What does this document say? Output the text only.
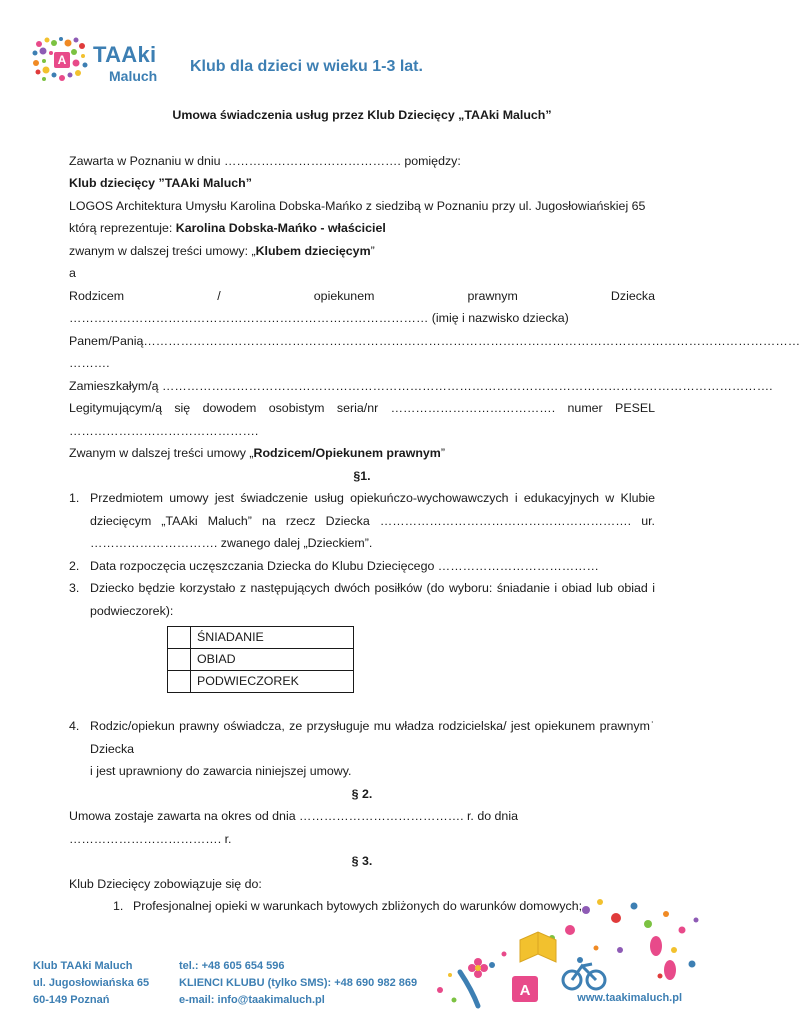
A TAAki
Maluch
Klub dla dzieci w wieku 1-3 lat.
Umowa świadczenia usług przez Klub Dziecięcy „TAAki Maluch”

Zawarta w Poznaniu w dniu ……………………………………. pomiędzy:

Klub dziecięcy ”TAAki Maluch”

LOGOS Architektura Umysłu Karolina Dobska-Mańko z siedzibą w Poznaniu przy ul. Jugosłowiańskiej 65

którą reprezentuje: Karolina Dobska-Mańko - właściciel

zwanym w dalszej treści umowy: „Klubem dziecięcym”

a

Rodzicem / opiekunem prawnym Dziecka …………………………………………………………………………… (imię i nazwisko dziecka)

Panem/Panią……………………………………………………………………………………………………………………………………………

……….

Zamieszkałym/ą ………………………………………………………………………………………………………………………………….

Legitymującym/ą się dowodem osobistym seria/nr …………………………………. numer PESEL

……………………………………….

Zwanym w dalszej treści umowy „Rodzicem/Opiekunem prawnym”

§1.

1. Przedmiotem umowy jest świadczenie usług opiekuńczo-wychowawczych i edukacyjnych w Klubie dziecięcym „TAAki Maluch” na rzecz Dziecka ……………………………………………………. ur. …………………………. zwanego dalej „Dzieckiem”.
2. Data rozpoczęcia uczęszczania Dziecka do Klubu Dziecięcego …………………………………
3. Dziecko będzie korzystało z następujących dwóch posiłków (do wyboru: śniadanie i obiad lub obiad i podwieczorek):
	ŚNIADANIE
	OBIAD
	PODWIECZOREK
4. Rodzic/opiekun prawny oświadcza, ze przysługuje mu władza rodzicielska/ jest opiekunem prawnym˙ Dziecka
i jest uprawniony do zawarcia niniejszej umowy.

§ 2.

Umowa zostaje zawarta na okres od dnia …………………………………. r. do dnia ………………………………. r.

§ 3.

Klub Dziecięcy zobowiązuje się do:

1. Profesjonalnej opieki w warunkach bytowych zbliżonych do warunków domowych;
Klub TAAki Maluch
ul. Jugosłowiańska 65
60-149 Poznań
tel.: +48 605 654 596
KLIENCI KLUBU (tylko SMS): +48 690 982 869
e-mail: info@taakimaluch.pl
A	www.taakimaluch.pl
